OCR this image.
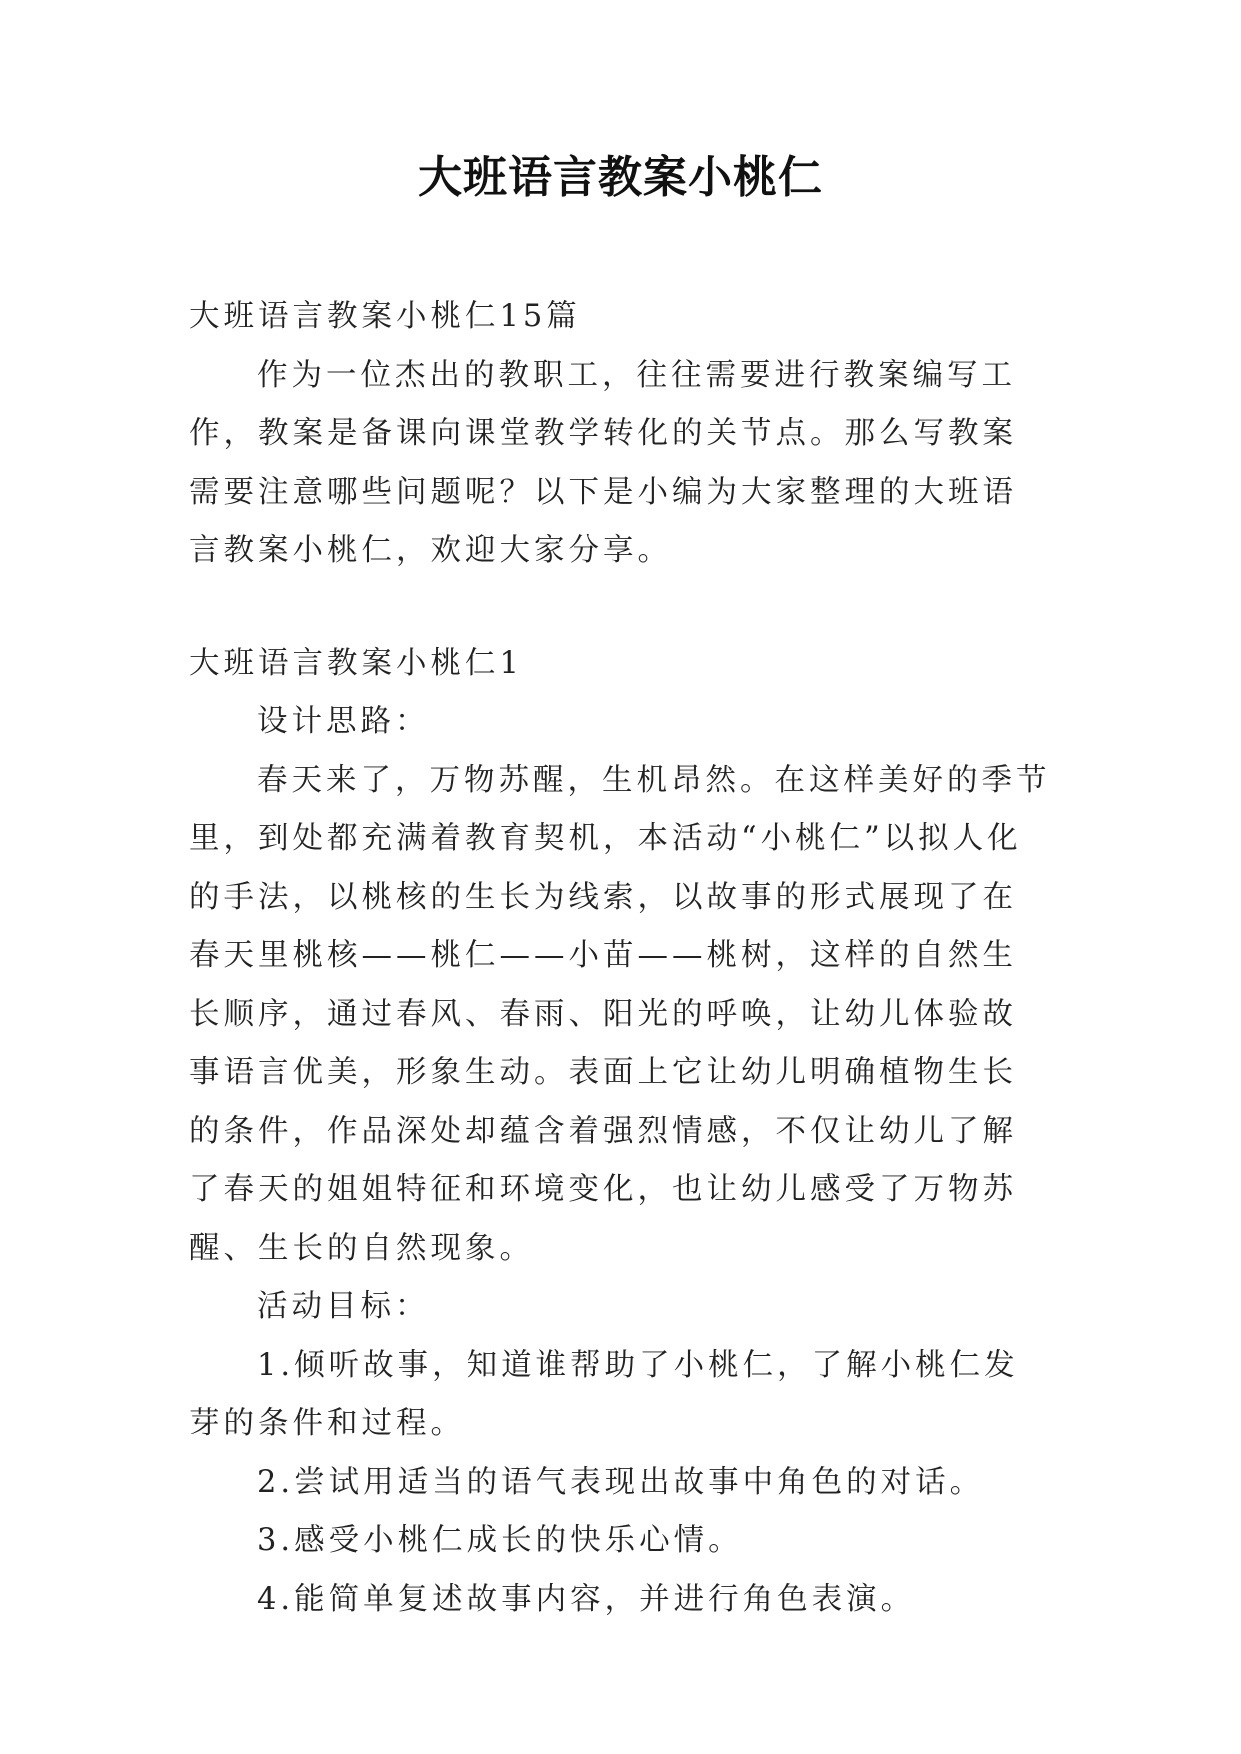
大班语言教案小桃仁

大班语言教案小桃仁15篇

作为一位杰出的教职工，往往需要进行教案编写工作，教案是备课向课堂教学转化的关节点。那么写教案需要注意哪些问题呢？以下是小编为大家整理的大班语言教案小桃仁，欢迎大家分享。

大班语言教案小桃仁1

设计思路：

春天来了，万物苏醒，生机昂然。在这样美好的季节里，到处都充满着教育契机，本活动“小桃仁”以拟人化的手法，以桃核的生长为线索，以故事的形式展现了在春天里桃核——桃仁——小苗——桃树，这样的自然生长顺序，通过春风、春雨、阳光的呼唤，让幼儿体验故事语言优美，形象生动。表面上它让幼儿明确植物生长的条件，作品深处却蕴含着强烈情感，不仅让幼儿了解了春天的姐姐特征和环境变化，也让幼儿感受了万物苏醒、生长的自然现象。

活动目标：

1.倾听故事，知道谁帮助了小桃仁，了解小桃仁发芽的条件和过程。

2.尝试用适当的语气表现出故事中角色的对话。

3.感受小桃仁成长的快乐心情。

4.能简单复述故事内容，并进行角色表演。
